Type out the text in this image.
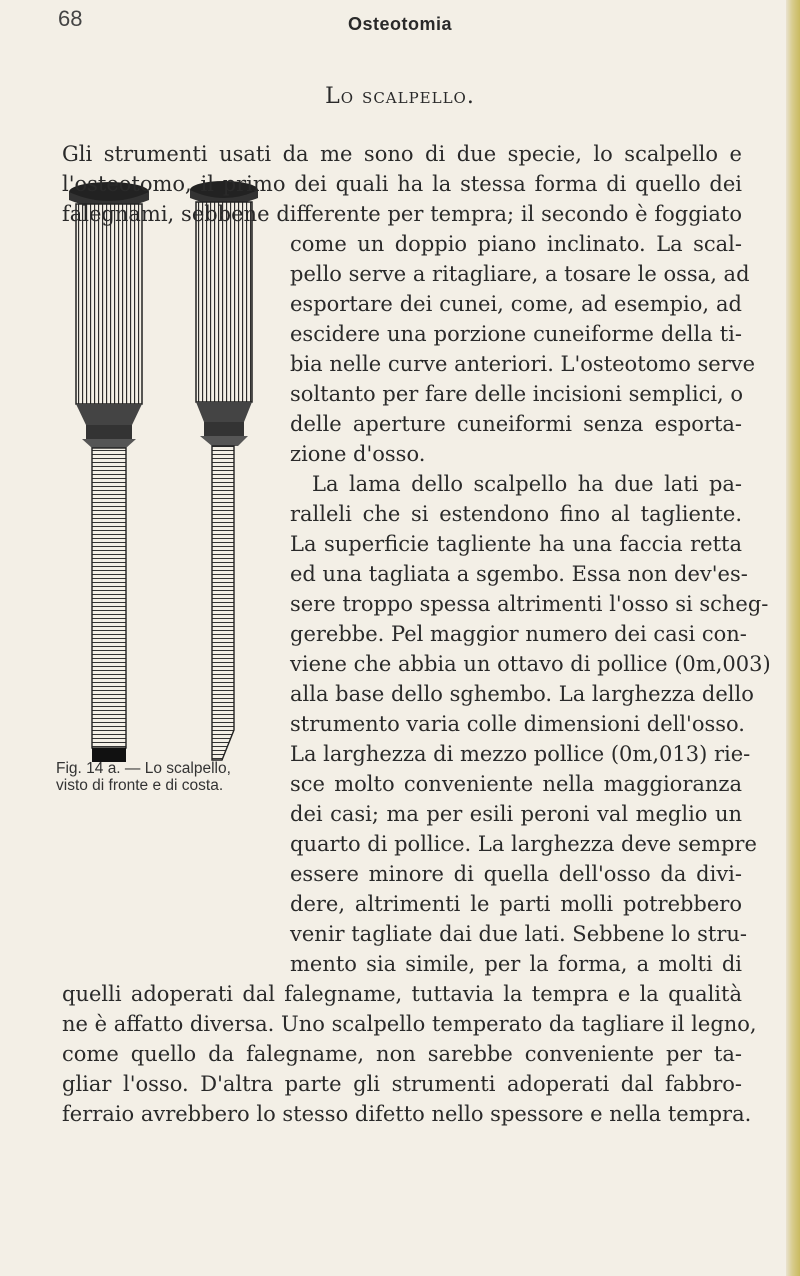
68	Osteotomia
Lo scalpello.
Gli strumenti usati da me sono di due specie, lo scalpello e
l'osteotomo, il primo dei quali ha la stessa forma di quello dei
falegnami, sebbene differente per tempra; il secondo è foggiato
come un doppio piano inclinato. La scal-
pello serve a ritagliare, a tosare le ossa, ad
esportare dei cunei, come, ad esempio, ad
escidere una porzione cuneiforme della ti-
bia nelle curve anteriori. L'osteotomo serve
soltanto per fare delle incisioni semplici, o
delle aperture cuneiformi senza esporta-
zione d'osso.
La lama dello scalpello ha due lati pa-
ralleli che si estendono fino al tagliente.
La superficie tagliente ha una faccia retta
ed una tagliata a sgembo. Essa non dev'es-
sere troppo spessa altrimenti l'osso si scheg-
gerebbe. Pel maggior numero dei casi con-
viene che abbia un ottavo di pollice (0m,003)
alla base dello sghembo. La larghezza dello
strumento varia colle dimensioni dell'osso.
La larghezza di mezzo pollice (0m,013) rie-
sce molto conveniente nella maggioranza
dei casi; ma per esili peroni val meglio un
quarto di pollice. La larghezza deve sempre
essere minore di quella dell'osso da divi-
dere, altrimenti le parti molli potrebbero
venir tagliate dai due lati. Sebbene lo stru-
mento sia simile, per la forma, a molti di
quelli adoperati dal falegname, tuttavia la tempra e la qualità
ne è affatto diversa. Uno scalpello temperato da tagliare il legno,
come quello da falegname, non sarebbe conveniente per ta-
gliar l'osso. D'altra parte gli strumenti adoperati dal fabbro-
ferraio avrebbero lo stesso difetto nello spessore e nella tempra.
Fig. 14 a. — Lo scalpello,
visto di fronte e di costa.
